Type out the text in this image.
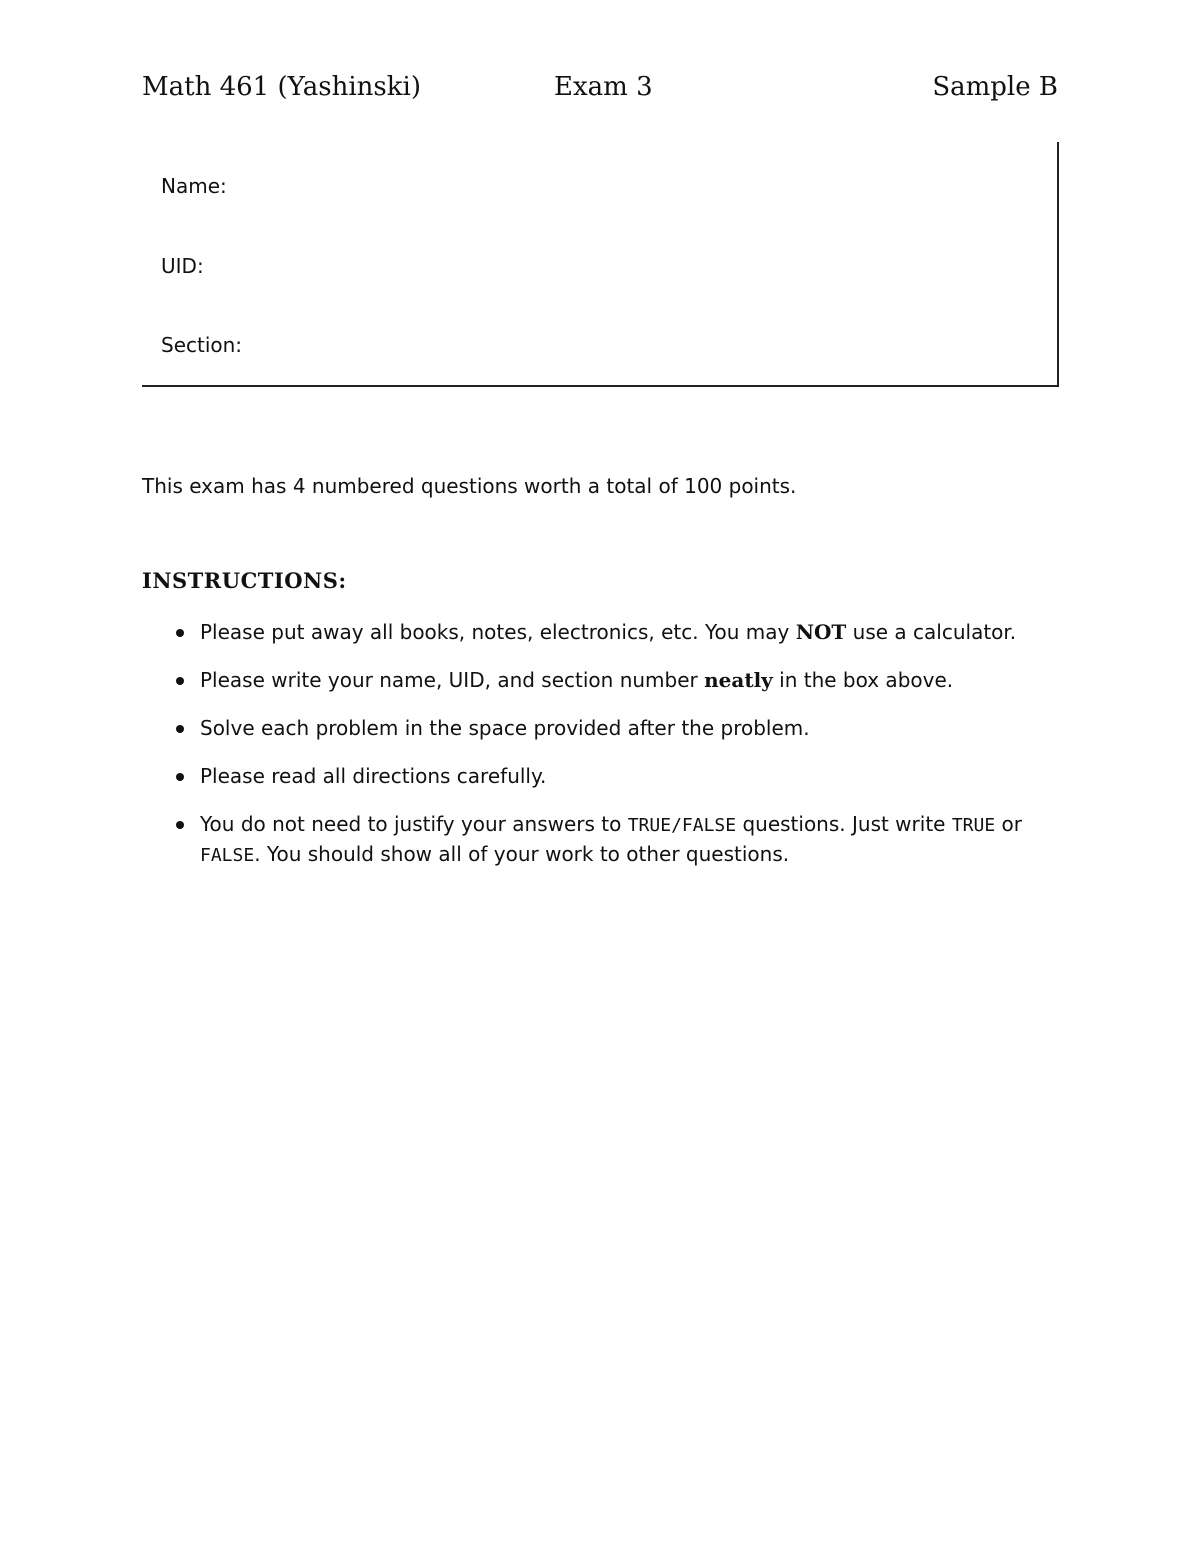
Math 461 (Yashinski)	Exam 3	Sample B
Name:
UID:
Section:
This exam has 4 numbered questions worth a total of 100 points.
INSTRUCTIONS:
Please put away all books, notes, electronics, etc. You may NOT use a calculator.
Please write your name, UID, and section number neatly in the box above.
Solve each problem in the space provided after the problem.
Please read all directions carefully.
You do not need to justify your answers to TRUE/FALSE questions. Just write TRUE or FALSE. You should show all of your work to other questions.
